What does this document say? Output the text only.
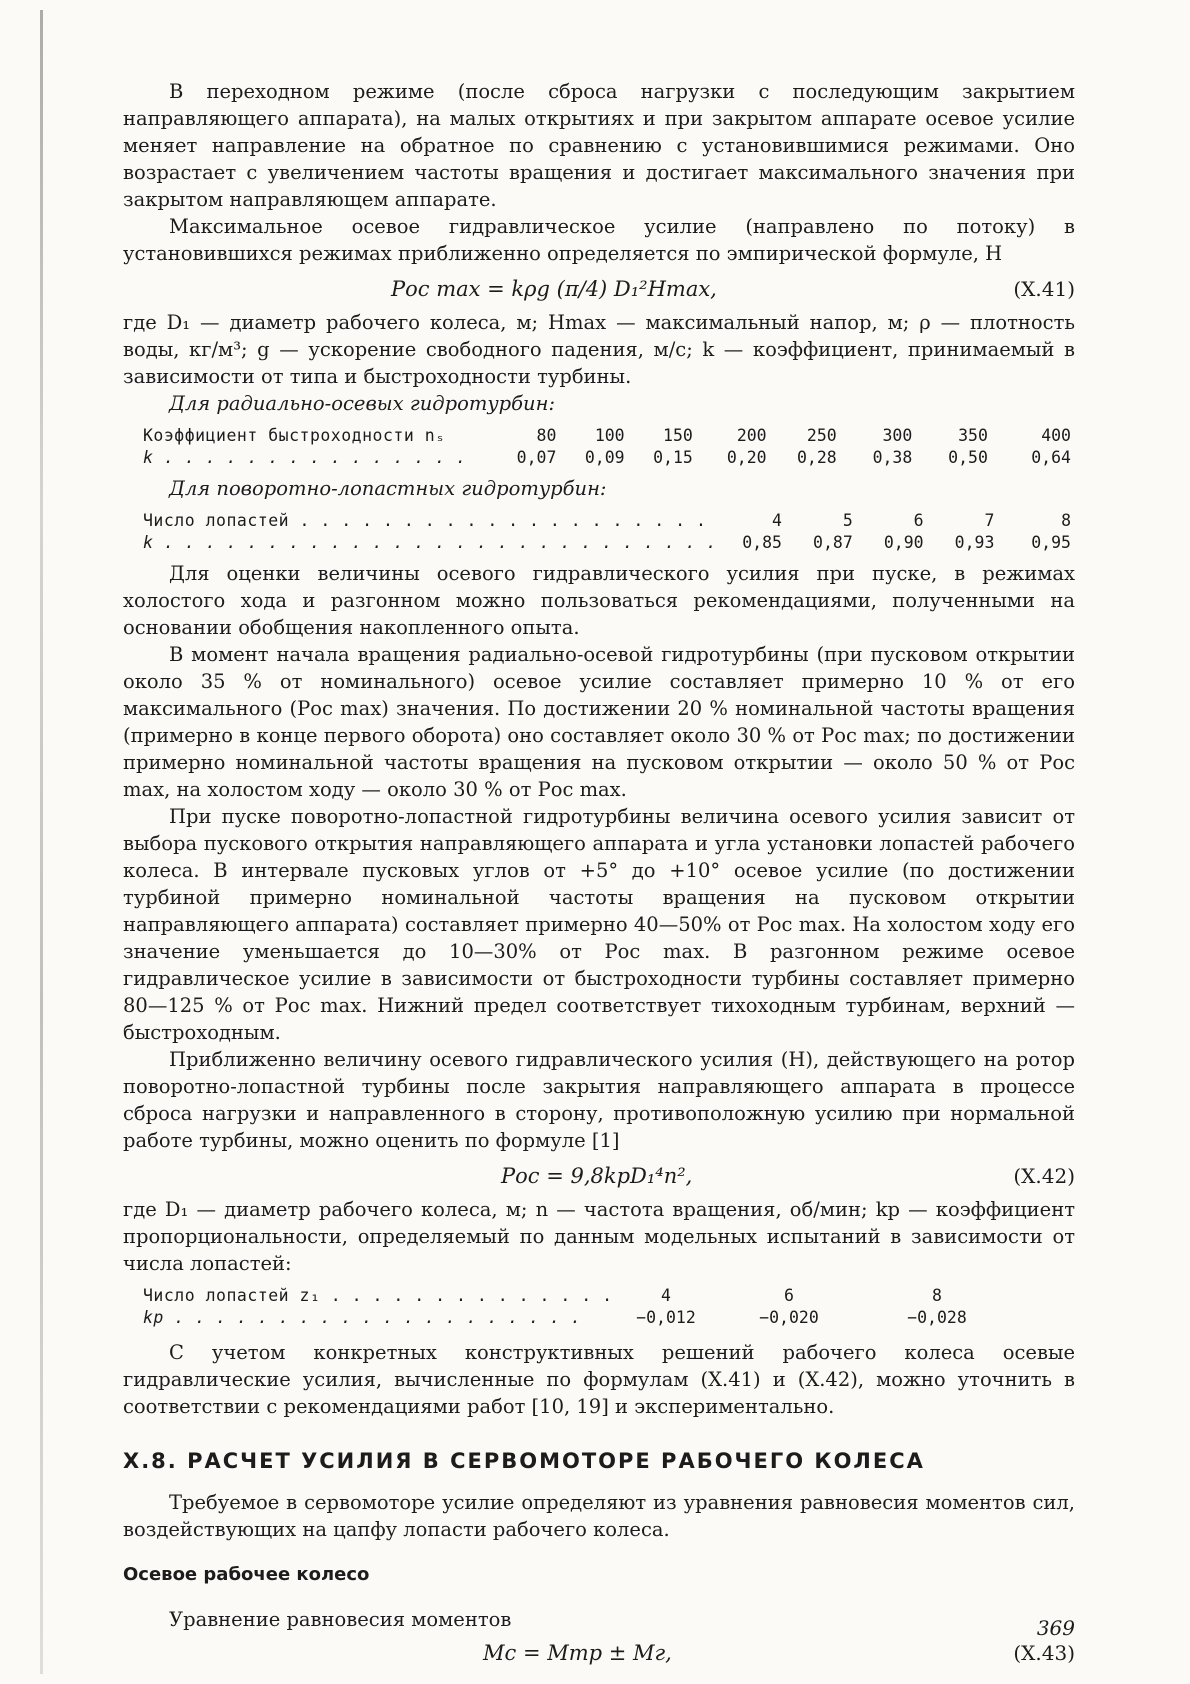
В переходном режиме (после сброса нагрузки с последующим закрытием направляющего аппарата), на малых открытиях и при закрытом аппарате осевое усилие меняет направление на обратное по сравнению с установившимися режимами. Оно возрастает с увеличением частоты вращения и достигает максимального значения при закрытом направляющем аппарате.

Максимальное осевое гидравлическое усилие (направлено по потоку) в установившихся режимах приближенно определяется по эмпирической формуле, Н

Pос max = kρg (π/4) D₁²Hmax,	(X.41)

где D₁ — диаметр рабочего колеса, м; Hmax — максимальный напор, м; ρ — плотность воды, кг/м³; g — ускорение свободного падения, м/с; k — коэффициент, принимаемый в зависимости от типа и быстроходности турбины.

Для радиально-осевых гидротурбин:

Коэффициент быстроходности nₛ	80	100	150	200	250	300	350	400
k . . . . . . . . . . . . . . .	0,07	0,09	0,15	0,20	0,28	0,38	0,50	0,64

Для поворотно-лопастных гидротурбин:

Число лопастей . . . . . . . . . . . . . . . . . . . .	4	5	6	7	8
k . . . . . . . . . . . . . . . . . . . . . . . . . . .	0,85	0,87	0,90	0,93	0,95

Для оценки величины осевого гидравлического усилия при пуске, в режимах холостого хода и разгонном можно пользоваться рекомендациями, полученными на основании обобщения накопленного опыта.

В момент начала вращения радиально-осевой гидротурбины (при пусковом открытии около 35 % от номинального) осевое усилие составляет примерно 10 % от его максимального (Pос max) значения. По достижении 20 % номинальной частоты вращения (примерно в конце первого оборота) оно составляет около 30 % от Pос max; по достижении примерно номинальной частоты вращения на пусковом открытии — около 50 % от Pос max, на холостом ходу — около 30 % от Pос max.

При пуске поворотно-лопастной гидротурбины величина осевого усилия зависит от выбора пускового открытия направляющего аппарата и угла установки лопастей рабочего колеса. В интервале пусковых углов от +5° до +10° осевое усилие (по достижении турбиной примерно номинальной частоты вращения на пусковом открытии направляющего аппарата) составляет примерно 40—50% от Pос max. На холостом ходу его значение уменьшается до 10—30% от Pос max. В разгонном режиме осевое гидравлическое усилие в зависимости от быстроходности турбины составляет примерно 80—125 % от Pос max. Нижний предел соответствует тихоходным турбинам, верхний — быстроходным.

Приближенно величину осевого гидравлического усилия (Н), действующего на ротор поворотно-лопастной турбины после закрытия направляющего аппарата в процессе сброса нагрузки и направленного в сторону, противоположную усилию при нормальной работе турбины, можно оценить по формуле [1]

Pос = 9,8kpD₁⁴n²,	(X.42)

где D₁ — диаметр рабочего колеса, м; n — частота вращения, об/мин; kp — коэффициент пропорциональности, определяемый по данным модельных испытаний в зависимости от числа лопастей:

Число лопастей z₁ . . . . . . . . . . . . . .	4	6	8
kp . . . . . . . . . . . . . . . . . . . .	−0,012	−0,020	−0,028

С учетом конкретных конструктивных решений рабочего колеса осевые гидравлические усилия, вычисленные по формулам (X.41) и (X.42), можно уточнить в соответствии с рекомендациями работ [10, 19] и экспериментально.

X.8. РАСЧЕТ УСИЛИЯ В СЕРВОМОТОРЕ РАБОЧЕГО КОЛЕСА

Требуемое в сервомоторе усилие определяют из уравнения равновесия моментов сил, воздействующих на цапфу лопасти рабочего колеса.

Осевое рабочее колесо

Уравнение равновесия моментов

Mс = Mтр ± Mг,	(X.43)
369
